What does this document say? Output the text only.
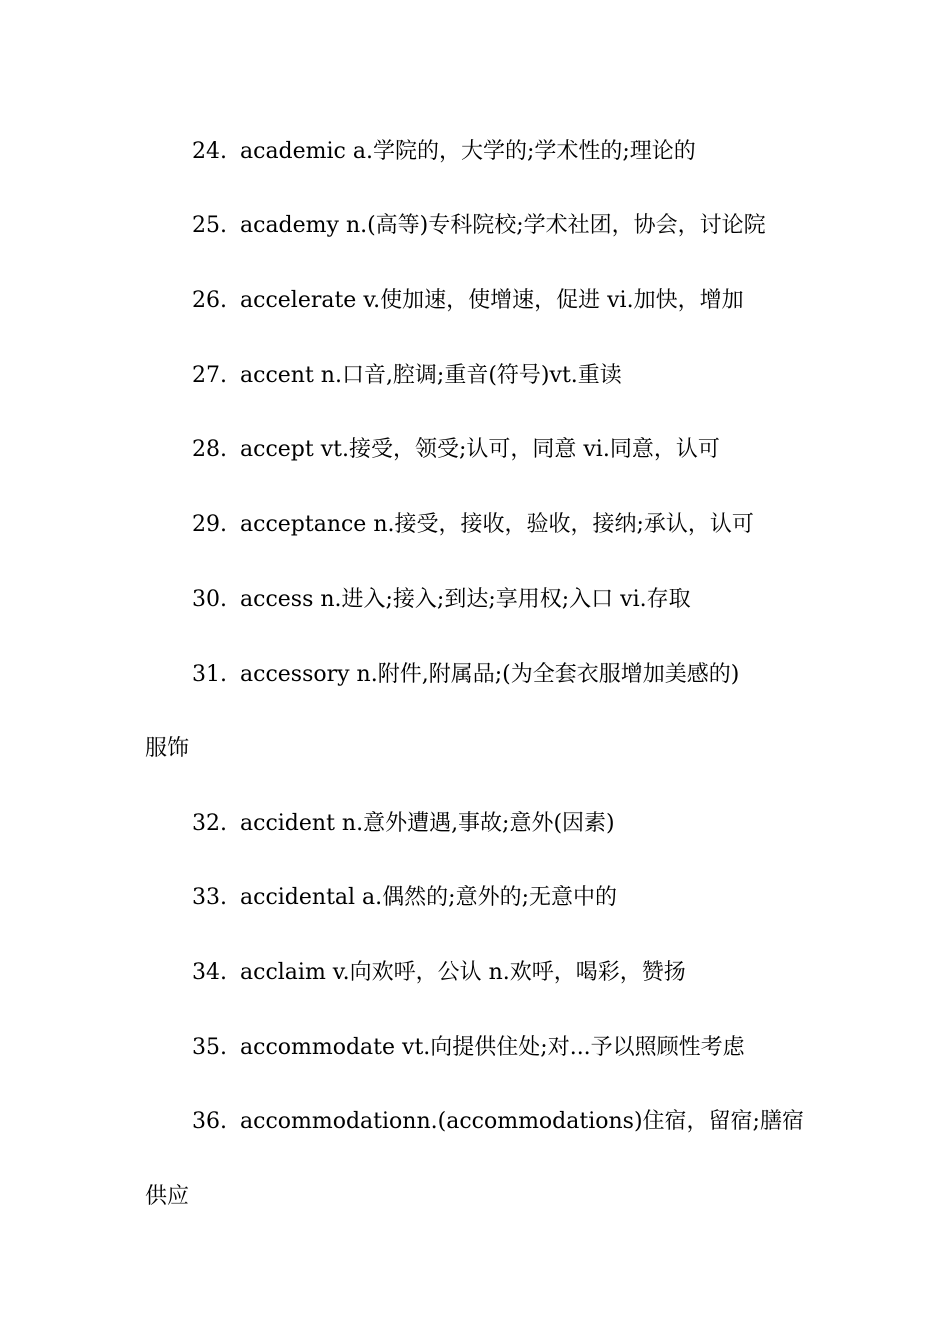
24. academic a.学院的，大学的;学术性的;理论的
25. academy n.(高等)专科院校;学术社团，协会，讨论院
26. accelerate v.使加速，使增速，促进 vi.加快，增加
27. accent n.口音,腔调;重音(符号)vt.重读
28. accept vt.接受，领受;认可，同意 vi.同意，认可
29. acceptance n.接受，接收，验收，接纳;承认，认可
30. access n.进入;接入;到达;享用权;入口 vi.存取
31. accessory n.附件,附属品;(为全套衣服增加美感的)
服饰
32. accident n.意外遭遇,事故;意外(因素)
33. accidental a.偶然的;意外的;无意中的
34. acclaim v.向欢呼，公认 n.欢呼，喝彩，赞扬
35. accommodate vt.向提供住处;对...予以照顾性考虑
36. accommodationn.(accommodations)住宿，留宿;膳宿
供应
